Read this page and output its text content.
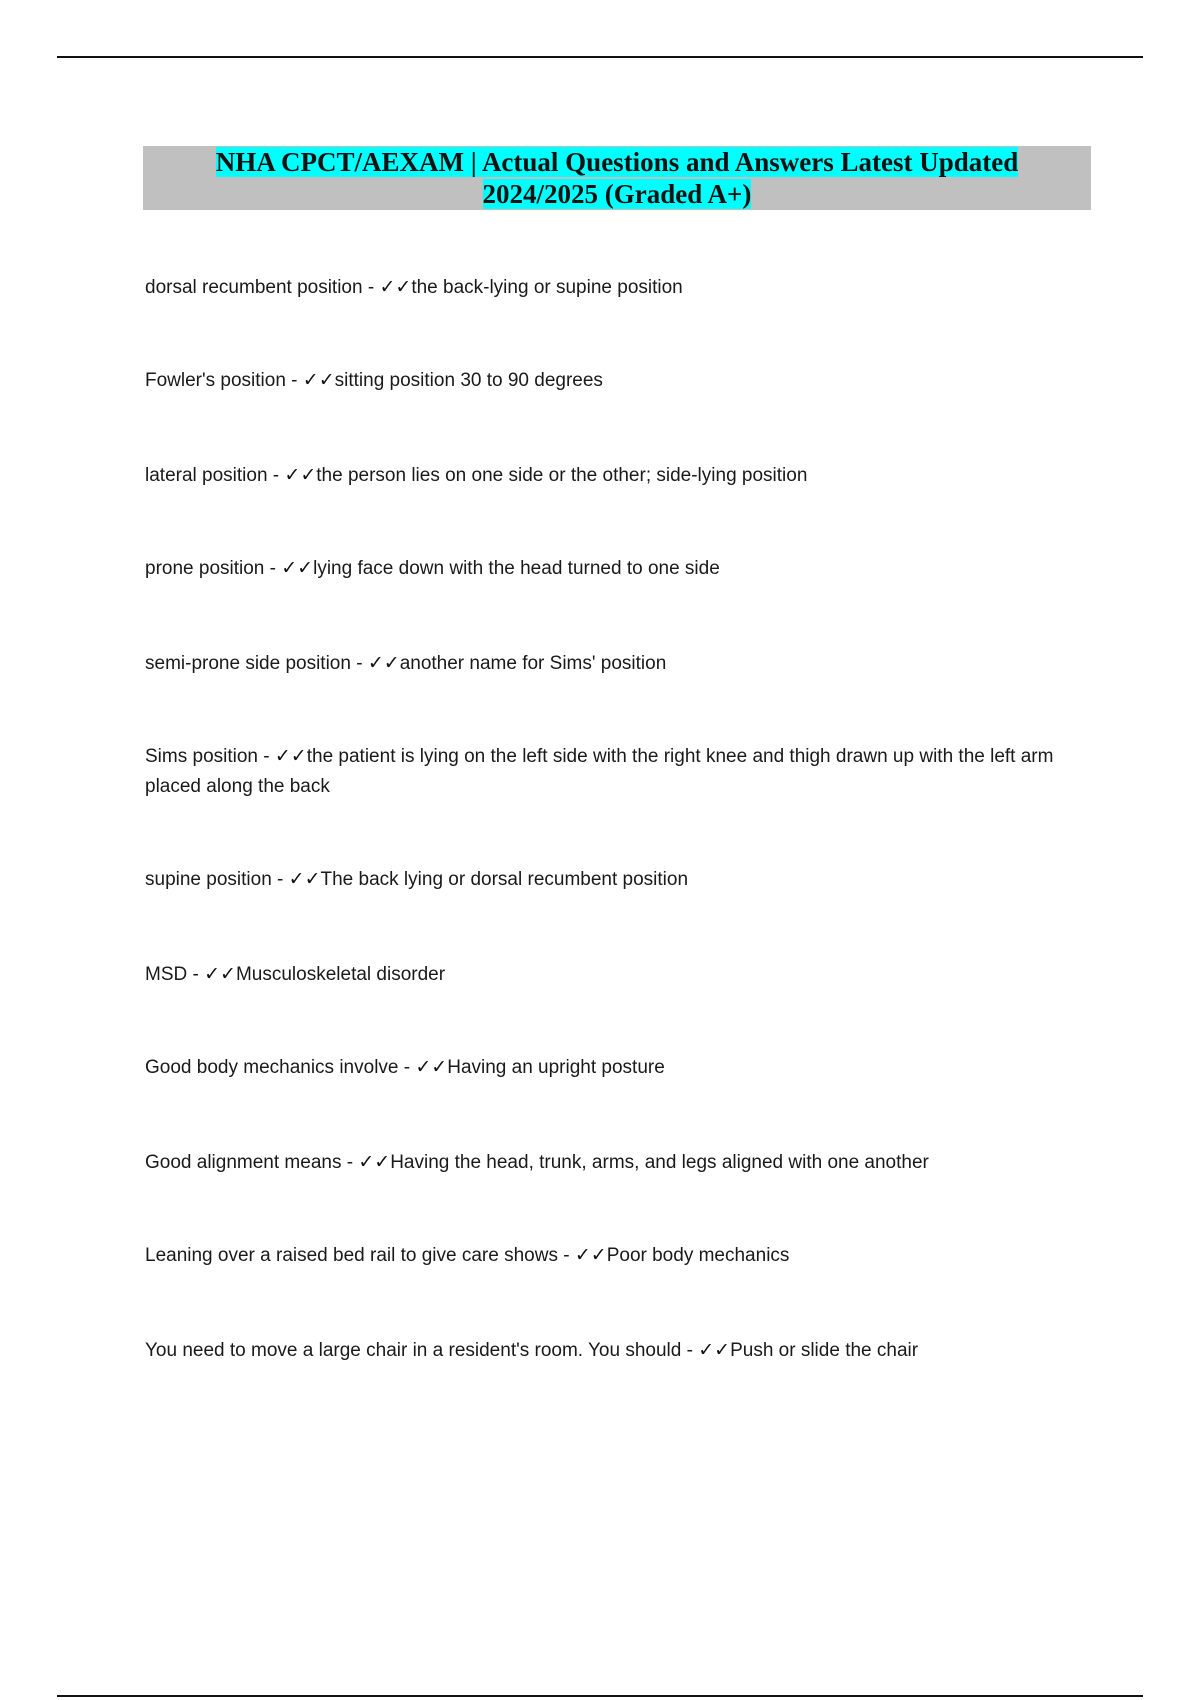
NHA CPCT/AEXAM | Actual Questions and Answers Latest Updated 2024/2025 (Graded A+)
dorsal recumbent position - ✓✓the back-lying or supine position
Fowler's position - ✓✓sitting position 30 to 90 degrees
lateral position - ✓✓the person lies on one side or the other; side-lying position
prone position - ✓✓lying face down with the head turned to one side
semi-prone side position - ✓✓another name for Sims' position
Sims position - ✓✓the patient is lying on the left side with the right knee and thigh drawn up with the left arm placed along the back
supine position - ✓✓The back lying or dorsal recumbent position
MSD - ✓✓Musculoskeletal disorder
Good body mechanics involve - ✓✓Having an upright posture
Good alignment means - ✓✓Having the head, trunk, arms, and legs aligned with one another
Leaning over a raised bed rail to give care shows - ✓✓Poor body mechanics
You need to move a large chair in a resident's room. You should - ✓✓Push or slide the chair
